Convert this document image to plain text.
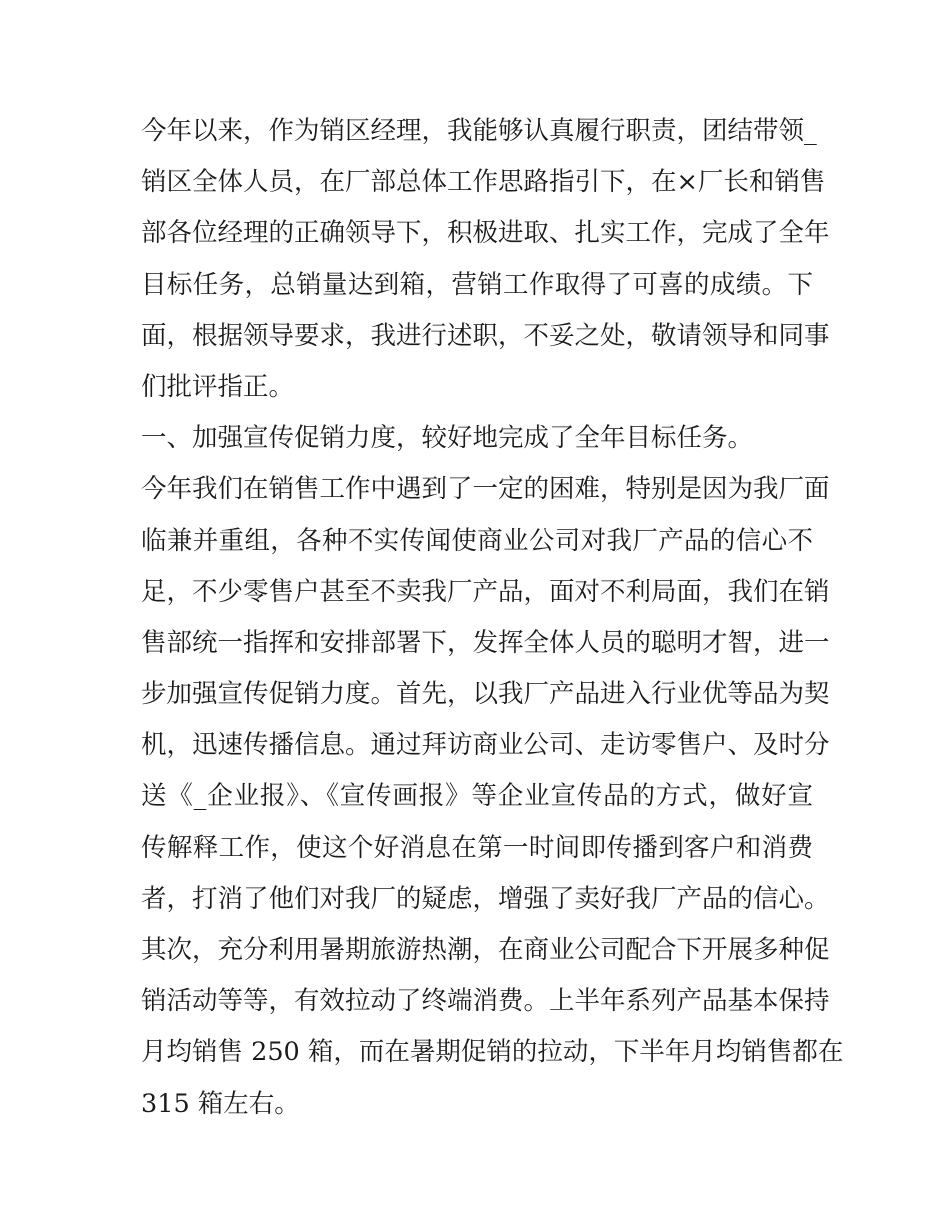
今年以来，作为销区经理，我能够认真履行职责，团结带领_
销区全体人员，在厂部总体工作思路指引下，在×厂长和销售
部各位经理的正确领导下，积极进取、扎实工作，完成了全年
目标任务，总销量达到箱，营销工作取得了可喜的成绩。下
面，根据领导要求，我进行述职，不妥之处，敬请领导和同事
们批评指正。
一、加强宣传促销力度，较好地完成了全年目标任务。
今年我们在销售工作中遇到了一定的困难，特别是因为我厂面
临兼并重组，各种不实传闻使商业公司对我厂产品的信心不
足，不少零售户甚至不卖我厂产品，面对不利局面，我们在销
售部统一指挥和安排部署下，发挥全体人员的聪明才智，进一
步加强宣传促销力度。首先，以我厂产品进入行业优等品为契
机，迅速传播信息。通过拜访商业公司、走访零售户、及时分
送《_企业报》、《宣传画报》等企业宣传品的方式，做好宣
传解释工作，使这个好消息在第一时间即传播到客户和消费
者，打消了他们对我厂的疑虑，增强了卖好我厂产品的信心。
其次，充分利用暑期旅游热潮，在商业公司配合下开展多种促
销活动等等，有效拉动了终端消费。上半年系列产品基本保持
月均销售 250 箱，而在暑期促销的拉动，下半年月均销售都在
315 箱左右。
